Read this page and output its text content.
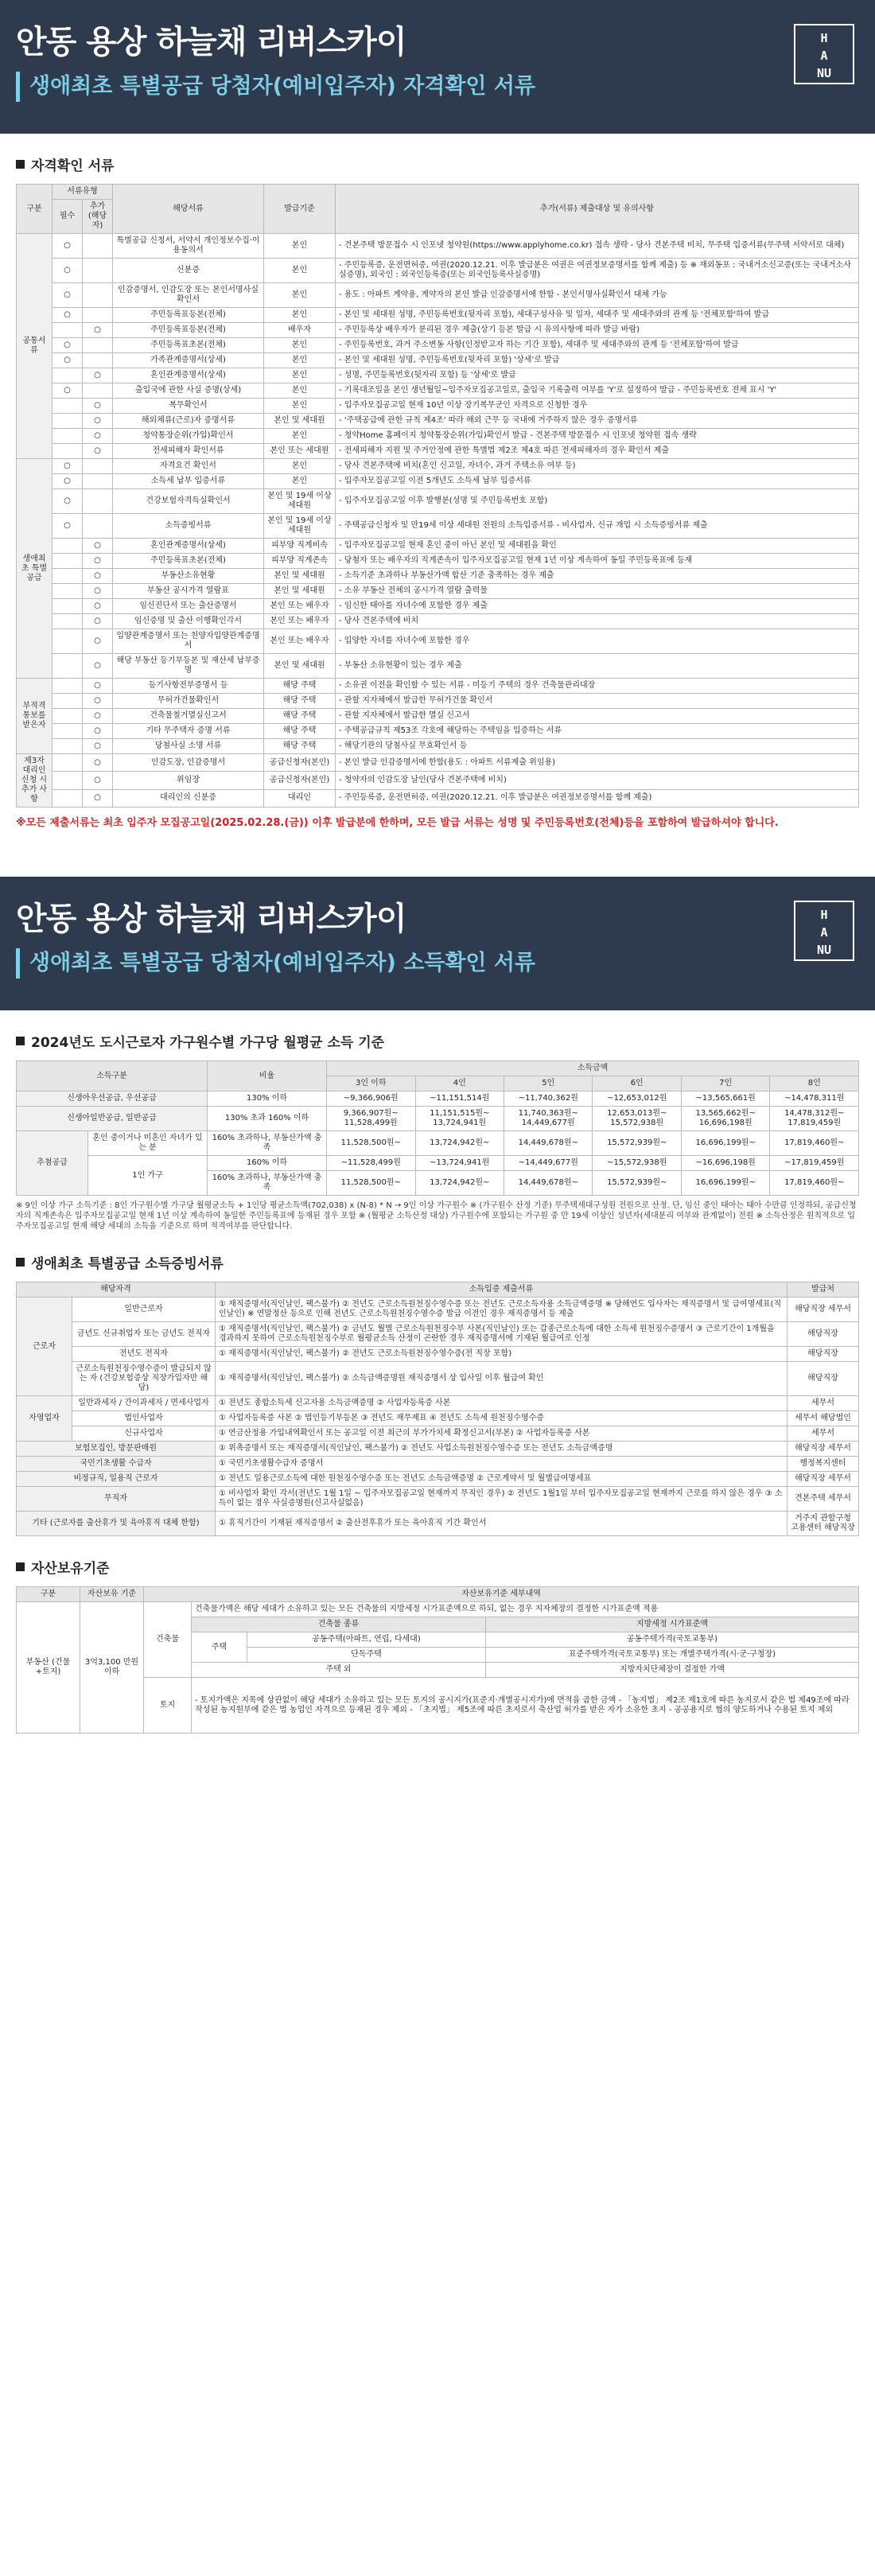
안동 용상 하늘채 리버스카이
생애최초 특별공급 당첨자(예비입주자) 자격확인 서류
H
A
NU
자격확인 서류
구분	서류유형		해당서류	발급기준	추가(서류) 제출대상 및 유의사항
	필수	추가(해당자)			
공통서류	○		특별공급 신청서, 서약서 개인정보수집·이용동의서	본인	- 견본주택 방문접수 시 인포넷 청약원(https://www.applyhome.co.kr) 접속 생략 - 당사 견본주택 비치, 무주택 입증서류(무주택 서약서로 대체)
	○		신분증	본인	- 주민등록증, 운전면허증, 여권(2020.12.21. 이후 발급분은 여권은 여권정보증명서를 함께 제출) 등 ※ 재외동포 : 국내거소신고증(또는 국내거소사실증명), 외국인 : 외국인등록증(또는 외국인등록사실증명)
	○		인감증명서, 인감도장 또는 본인서명사실확인서	본인	- 용도 : 아파트 계약용, 계약자의 본인 발급 인감증명서에 한함 - 본인서명사실확인서 대체 가능
	○		주민등록표등본(전체)	본인	- 본인 및 세대원 성명, 주민등록번호(뒷자리 포함), 세대구성사유 및 일자, 세대주 및 세대주와의 관계 등 '전체포함'하여 발급
		○	주민등록표등본(전체)	배우자	- 주민등록상 배우자가 분리된 경우 제출(상기 등본 발급 시 유의사항에 따라 발급 바람)
	○		주민등록표초본(전체)	본인	- 주민등록번호, 과거 주소변동 사항(인정받고자 하는 기간 포함), 세대주 및 세대주와의 관계 등 '전체포함'하여 발급
	○		가족관계증명서(상세)	본인	- 본인 및 세대원 성명, 주민등록번호(뒷자리 포함) '상세'로 발급
		○	혼인관계증명서(상세)	본인	- 성명, 주민등록번호(뒷자리 포함) 등 '상세'로 발급
	○		출입국에 관한 사실 증명(상세)	본인	- 기록대조일을 본인 생년월일~입주자모집공고일로, 출입국 기록출력 여부를 'Y'로 설정하여 발급 - 주민등록번호 전체 표시 'Y'
		○	복무확인서	본인	- 입주자모집공고일 현재 10년 이상 장기복무군인 자격으로 신청한 경우
		○	해외체류(근로)자 증명서류	본인 및 세대원	- '주택공급에 관한 규칙 제4조' 따라 해외 근무 등 국내에 거주하지 않은 경우 증명서류
		○	청약통장순위(가입)확인서	본인	- 청약Home 홈페이지 청약통장순위(가입)확인서 발급 - 견본주택 방문접수 시 인포넷 청약원 접속 생략
		○	전세피해자 확인서류	본인 또는 세대원	- 전세피해자 지원 및 주거안정에 관한 특별법 제2조 제4호 따른 전세피해자의 경우 확인서 제출
생애최초 특별공급	○		자격요건 확인서	본인	- 당사 견본주택에 비치(혼인 신고일, 자녀수, 과거 주택소유 여부 등)
	○		소득세 납부 입증서류	본인	- 입주자모집공고일 이전 5개년도 소득세 납부 입증서류
	○		건강보험자격득실확인서	본인 및 19세 이상 세대원	- 입주자모집공고일 이후 발행분(성명 및 주민등록번호 포함)
	○		소득증빙서류	본인 및 19세 이상 세대원	- 주택공급신청자 및 만19세 이상 세대원 전원의 소득입증서류 - 비사업자, 신규 개업 시 소득증빙서류 제출
		○	혼인관계증명서(상세)	피부양 직계비속	- 입주자모집공고일 현재 혼인 중이 아닌 본인 및 세대원을 확인
		○	주민등록표초본(전체)	피부양 직계존속	- 당첨자 또는 배우자의 직계존속이 입주자모집공고일 현재 1년 이상 계속하여 동일 주민등록표에 등재
		○	부동산소유현황	본인 및 세대원	- 소득기준 초과하나 부동산가액 합산 기준 충족하는 경우 제출
		○	부동산 공시가격 열람표	본인 및 세대원	- 소유 부동산 전체의 공시가격 열람 출력물
		○	임신진단서 또는 출산증명서	본인 또는 배우자	- 임신한 태아를 자녀수에 포함한 경우 제출
		○	임신증명 및 출산 이행확인각서	본인 또는 배우자	- 당사 견본주택에 비치
		○	입양관계증명서 또는 친양자입양관계증명서	본인 또는 배우자	- 입양한 자녀를 자녀수에 포함한 경우
		○	해당 부동산 등기부등본 및 재산세 납부증명	본인 및 세대원	- 부동산 소유현황이 있는 경우 제출
부적격 통보를 받은자		○	등기사항전부증명서 등	해당 주택	- 소유권 이전을 확인할 수 있는 서류 - 미등기 주택의 경우 건축물관리대장
		○	무허가건물확인서	해당 주택	- 관할 지자체에서 발급한 무허가건물 확인서
		○	건축물철거멸실신고서	해당 주택	- 관할 지자체에서 발급한 멸실 신고서
		○	기타 무주택자 증명 서류	해당 주택	- 주택공급규칙 제53조 각호에 해당하는 주택임을 입증하는 서류
		○	당첨사실 소명 서류	해당 주택	- 해당기관의 당첨사실 무효확인서 등
제3자 대리인 신청 시 추가 사항		○	인감도장, 인감증명서	공급신청자(본인)	- 본인 발급 인감증명서에 한함(용도 : 아파트 서류제출 위임용)
		○	위임장	공급신청자(본인)	- 청약자의 인감도장 날인(당사 견본주택에 비치)
		○	대리인의 신분증	대리인	- 주민등록증, 운전면허증, 여권(2020.12.21. 이후 발급분은 여권정보증명서를 함께 제출)
※모든 제출서류는 최초 입주자 모집공고일(2025.02.28.(금)) 이후 발급분에 한하며, 모든 발급 서류는 성명 및 주민등록번호(전체)등을 포함하여 발급하셔야 합니다.
안동 용상 하늘채 리버스카이
생애최초 특별공급 당첨자(예비입주자) 소득확인 서류
H
A
NU
2024년도 도시근로자 가구원수별 가구당 월평균 소득 기준
소득구분		비율	소득금액					
			3인 이하	4인	5인	6인	7인	8인
신생아우선공급, 우선공급		130% 이하	~9,366,906원	~11,151,514원	~11,740,362원	~12,653,012원	~13,565,661원	~14,478,311원
신생아일반공급, 일반공급		130% 초과 160% 이하	9,366,907원~ 11,528,499원	11,151,515원~ 13,724,941원	11,740,363원~ 14,449,677원	12,653,013원~ 15,572,938원	13,565,662원~ 16,696,198원	14,478,312원~ 17,819,459원
추첨공급	혼인 중이거나 미혼인 자녀가 있는 분	160% 초과하나, 부동산가액 충족	11,528,500원~	13,724,942원~	14,449,678원~	15,572,939원~	16,696,199원~	17,819,460원~
	1인 가구	160% 이하	~11,528,499원	~13,724,941원	~14,449,677원	~15,572,938원	~16,696,198원	~17,819,459원
		160% 초과하나, 부동산가액 충족	11,528,500원~	13,724,942원~	14,449,678원~	15,572,939원~	16,696,199원~	17,819,460원~
※ 9인 이상 가구 소득기준 : 8인 가구원수별 가구당 월평균소득 + 1인당 평균소득액(702,038) x (N-8) * N → 9인 이상 가구원수 ※ (가구원수 산정 기준) 무주택세대구성원 전원으로 산정. 단, 임신 중인 태아는 태아 수만큼 인정하되, 공급신청자의 직계존속은 입주자모집공고일 현재 1년 이상 계속하여 동일한 주민등록표에 등재된 경우 포함 ※ (월평균 소득산정 대상) 가구원수에 포함되는 가구원 중 만 19세 이상인 성년자(세대분리 여부와 관계없이) 전원 ※ 소득산정은 원칙적으로 입주자모집공고일 현재 해당 세대의 소득을 기준으로 하며 적격여부를 판단합니다.
생애최초 특별공급 소득증빙서류
해당자격		소득입증 제출서류	발급처
근로자	일반근로자	① 재직증명서(직인날인, 팩스불가) ② 전년도 근로소득원천징수영수증 또는 전년도 근로소득자용 소득금액증명 ※ 당해연도 입사자는 재직증명서 및 급여명세표(직인날인) ※ 연말정산 등으로 인해 전년도 근로소득원천징수영수증 발급 이전인 경우 재직증명서 등 제출	해당직장 세무서
	금년도 신규취업자 또는 금년도 전직자	① 재직증명서(직인날인, 팩스불가) ② 금년도 월별 근로소득원천징수부 사본(직인날인) 또는 갑종근로소득에 대한 소득세 원천징수증명서 ③ 근로기간이 1개월을 경과하지 못하여 근로소득원천징수부로 월평균소득 산정이 곤란한 경우 재직증명서에 기재된 월급여로 인정	해당직장
	전년도 전직자	① 재직증명서(직인날인, 팩스불가) ② 전년도 근로소득원천징수영수증(전 직장 포함)	해당직장
	근로소득원천징수영수증이 발급되지 않는 자 (건강보험증상 직장가입자만 해당)	① 재직증명서(직인날인, 팩스불가) ② 소득금액증명원 재직증명서 상 입사일 이후 월급여 확인	해당직장
자영업자	일반과세자 / 간이과세자 / 면세사업자	① 전년도 종합소득세 신고자용 소득금액증명 ② 사업자등록증 사본	세무서
	법인사업자	① 사업자등록증 사본 ② 법인등기부등본 ③ 전년도 재무제표 ④ 전년도 소득세 원천징수영수증	세무서 해당법인
	신규사업자	① 연금산정용 가입내역확인서 또는 공고일 이전 최근의 부가가치세 확정신고서(부본) ② 사업자등록증 사본	세무서
보험모집인, 방문판매원		① 위촉증명서 또는 재직증명서(직인날인, 팩스불가) ② 전년도 사업소득원천징수영수증 또는 전년도 소득금액증명	해당직장 세무서
국민기초생활 수급자		① 국민기초생활수급자 증명서	행정복지센터
비정규직, 일용직 근로자		① 전년도 일용근로소득에 대한 원천징수영수증 또는 전년도 소득금액증명 ② 근로계약서 및 월별급여명세표	해당직장 세무서
무직자		① 비사업자 확인 각서(전년도 1월 1일 ~ 입주자모집공고일 현재까지 무직인 경우) ② 전년도 1월1일 부터 입주자모집공고일 현재까지 근로를 하지 않은 경우 ③ 소득이 없는 경우 사실증명원(신고사실없음)	견본주택 세무서
기타 (근로자를 출산휴가 및 육아휴직 대체 한함)		① 휴직기간이 기재된 재직증명서 ② 출산전후휴가 또는 육아휴직 기간 확인서	거주지 관할구청 고용센터 해당직장
자산보유기준
구분	자산보유 기준	자산보유기준 세부내역			
부동산 (건물+토지)	3억3,100 만원 이하	건축물	건축물가액은 해당 세대가 소유하고 있는 모든 건축물의 지방세정 시가표준액으로 하되, 없는 경우 지자체장의 결정한 시가표준액 적용		
			건축물 종류		지방세정 시가표준액
			주택	공동주택(아파트, 연립, 다세대)	공동주택가격(국토교통부)
				단독주택	표준주택가격(국토교통부) 또는 개별주택가격(시·군·구청장)
			주택 외		지방자치단체장이 결정한 가액
		토지	- 토지가액은 지목에 상관없이 해당 세대가 소유하고 있는 모든 토지의 공시지가(표준지·개별공시지가)에 면적을 곱한 금액 - 「농지법」 제2조 제1호에 따른 농지로서 같은 법 제49조에 따라 작성된 농지원부에 같은 법 농업인 자격으로 등재된 경우 제외 - 「초지법」 제5조에 따른 초지로서 축산업 허가를 받은 자가 소유한 초지 - 공공용지로 협의 양도하거나 수용된 토지 제외		
